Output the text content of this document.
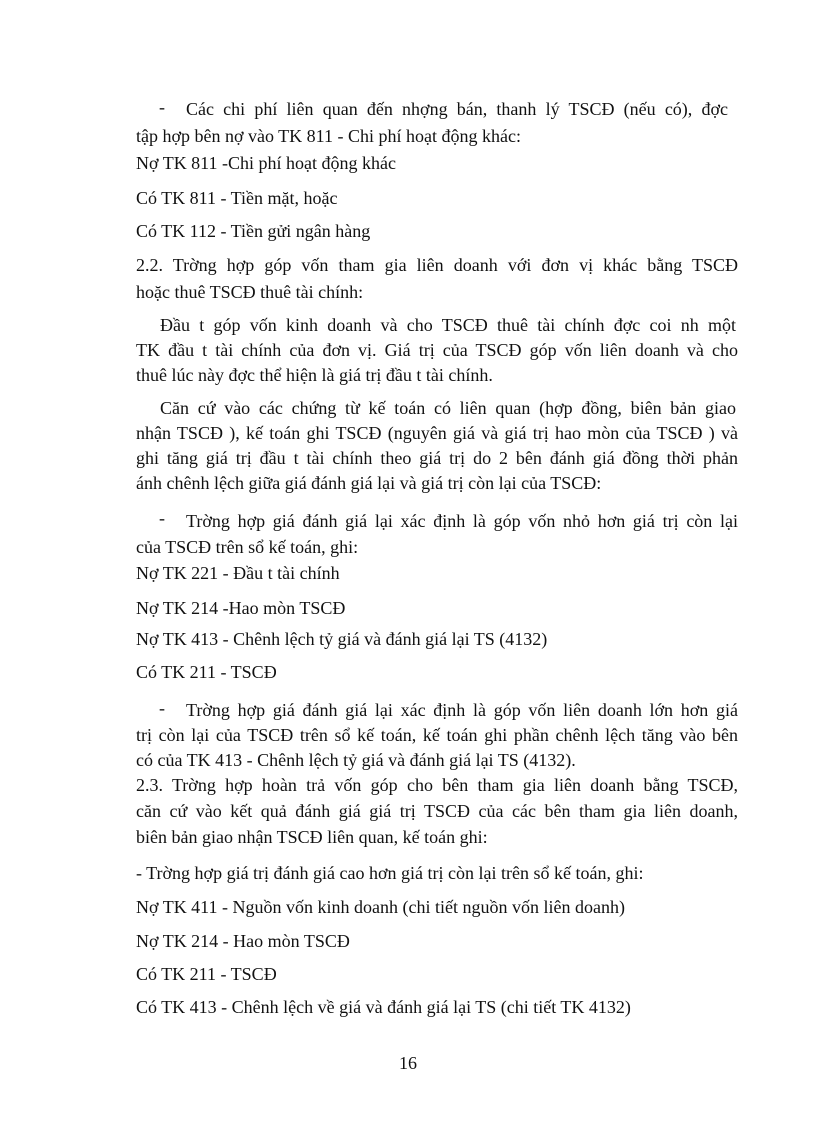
- Các chi phí liên quan đến nhợng bán, thanh lý TSCĐ (nếu có), đợc
tập hợp bên nợ vào TK 811 - Chi phí hoạt động khác:
Nợ TK 811 -Chi phí hoạt động khác
Có TK 811 - Tiền mặt, hoặc
Có TK 112 - Tiền gửi ngân hàng
2.2. Trờng hợp góp vốn tham gia liên doanh với đơn vị khác bằng TSCĐ
hoặc thuê TSCĐ thuê tài chính:
Đầu t góp vốn kinh doanh và cho TSCĐ thuê tài chính đợc coi nh một
TK đầu t tài chính của đơn vị. Giá trị của TSCĐ góp vốn liên doanh và cho
thuê lúc này đợc thể hiện là giá trị đầu t tài chính.
Căn cứ vào các chứng từ kế toán có liên quan (hợp đồng, biên bản giao
nhận TSCĐ ), kế toán ghi TSCĐ (nguyên giá và giá trị hao mòn của TSCĐ ) và
ghi tăng giá trị đầu t tài chính theo giá trị do 2 bên đánh giá đồng thời phản
ánh chênh lệch giữa giá đánh giá lại và giá trị còn lại của TSCĐ:
- Trờng hợp giá đánh giá lại xác định là góp vốn nhỏ hơn giá trị còn lại
của TSCĐ trên sổ kế toán, ghi:
Nợ TK 221 - Đầu t tài chính
Nợ TK 214 -Hao mòn TSCĐ
Nợ TK 413 - Chênh lệch tỷ giá và đánh giá lại TS (4132)
Có TK 211 - TSCĐ
- Trờng hợp giá đánh giá lại xác định là góp vốn liên doanh lớn hơn giá
trị còn lại của TSCĐ trên sổ kế toán, kế toán ghi phần chênh lệch tăng vào bên
có của TK 413 - Chênh lệch tỷ giá và đánh giá lại TS (4132).
2.3. Trờng hợp hoàn trả vốn góp cho bên tham gia liên doanh bằng TSCĐ,
căn cứ vào kết quả đánh giá giá trị TSCĐ của các bên tham gia liên doanh,
biên bản giao nhận TSCĐ liên quan, kế toán ghi:
- Trờng hợp giá trị đánh giá cao hơn giá trị còn lại trên sổ kế toán, ghi:
Nợ TK 411 - Nguồn vốn kinh doanh (chi tiết nguồn vốn liên doanh)
Nợ TK 214 - Hao mòn TSCĐ
Có TK 211 - TSCĐ
Có TK 413 - Chênh lệch về giá và đánh giá lại TS (chi tiết TK 4132)
16
